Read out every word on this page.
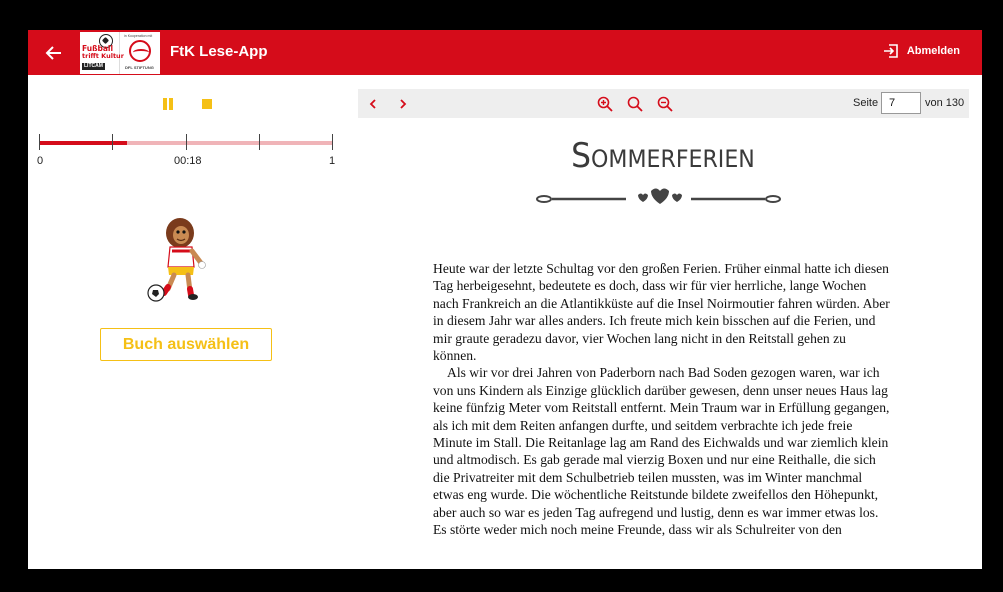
Fußball
trifft Kultur
LITCAM
in Kooperation mit
DFL STIFTUNG
FtK Lese-App	Abmelden
0	00:18	1
Buch auswählen
Seite
7	von 130
Sommerferien

Heute war der letzte Schultag vor den großen Ferien. Früher einmal hatte ich diesen Tag herbeigesehnt, bedeutete es doch, dass wir für vier herrliche, lange Wochen nach Frankreich an die Atlantikküste auf die Insel Noirmoutier fahren würden. Aber in diesem Jahr war alles anders. Ich freute mich kein bisschen auf die Ferien, und mir graute geradezu davor, vier Wochen lang nicht in den Reitstall gehen zu können.

Als wir vor drei Jahren von Paderborn nach Bad Soden gezogen waren, war ich von uns Kindern als Einzige glücklich darüber gewesen, denn unser neues Haus lag keine fünfzig Meter vom Reitstall entfernt. Mein Traum war in Erfüllung gegangen, als ich mit dem Reiten anfangen durfte, und seitdem verbrachte ich jede freie Minute im Stall. Die Reitanlage lag am Rand des Eichwalds und war ziemlich klein und altmodisch. Es gab gerade mal vierzig Boxen und nur eine Reithalle, die sich die Privatreiter mit dem Schulbetrieb teilen mussten, was im Winter manchmal etwas eng wurde. Die wöchentliche Reitstunde bildete zweifellos den Höhepunkt, aber auch so war es jeden Tag aufregend und lustig, denn es war immer etwas los. Es störte weder mich noch meine Freunde, dass wir als Schulreiter von den
